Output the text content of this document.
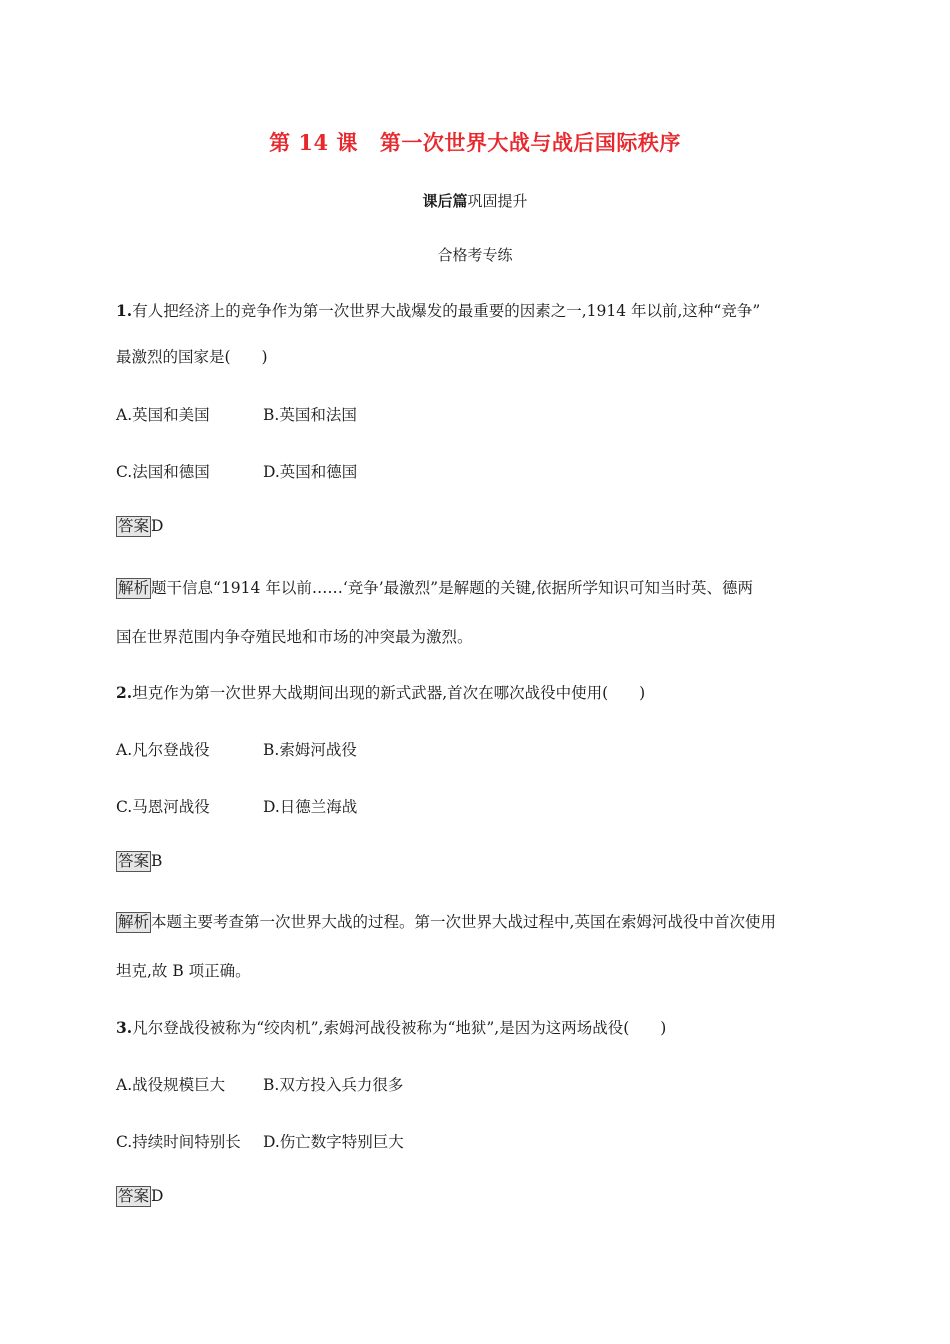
第 14 课 第一次世界大战与战后国际秩序
课后篇巩固提升
合格考专练
1.有人把经济上的竞争作为第一次世界大战爆发的最重要的因素之一,1914 年以前,这种“竞争”
最激烈的国家是(　　)
A.英国和美国	B.英国和法国
C.法国和德国	D.英国和德国
答案 D
解析 题干信息“1914 年以前……‘竞争’最激烈”是解题的关键,依据所学知识可知当时英、德两
国在世界范围内争夺殖民地和市场的冲突最为激烈。
2.坦克作为第一次世界大战期间出现的新式武器,首次在哪次战役中使用(　　)
A.凡尔登战役	B.索姆河战役
C.马恩河战役	D.日德兰海战
答案 B
解析 本题主要考查第一次世界大战的过程。第一次世界大战过程中,英国在索姆河战役中首次使用
坦克,故 B 项正确。
3.凡尔登战役被称为“绞肉机”,索姆河战役被称为“地狱”,是因为这两场战役(　　)
A.战役规模巨大 B.双方投入兵力很多
C.持续时间特别长 D.伤亡数字特别巨大
答案 D
